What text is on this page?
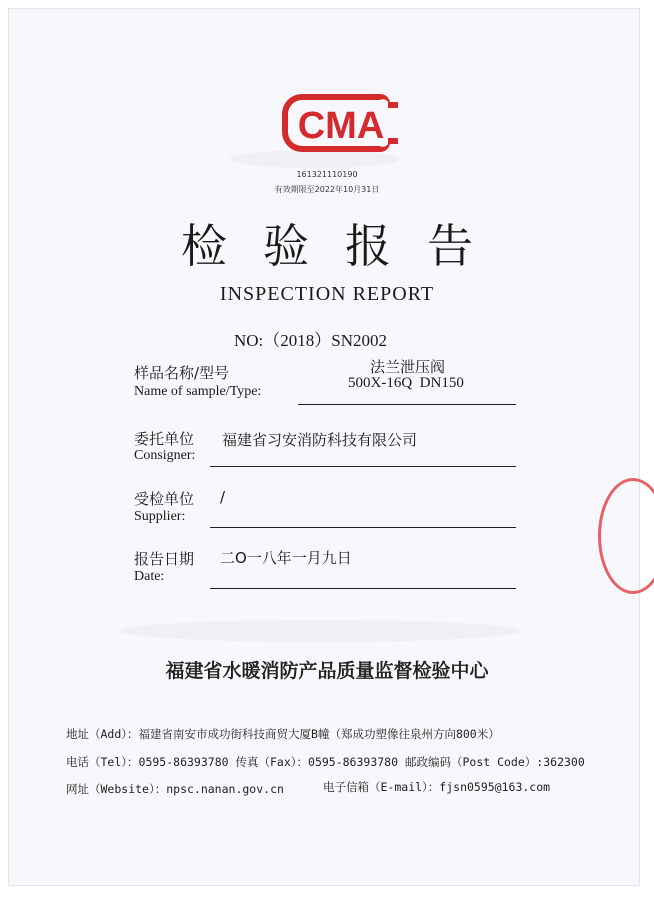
CMA
161321110190
有效期限至2022年10月31日
检验报告
INSPECTION REPORT
NO:（2018）SN2002
样品名称/型号
Name of sample/Type:
法兰泄压阀
500X-16Q  DN150
委托单位
Consigner:
福建省习安消防科技有限公司
受检单位
Supplier:
/
报告日期
Date:
二O一八年一月九日
福建省水暖消防产品质量监督检验中心
地址（Add）：福建省南安市成功街科技商贸大厦B幢（郑成功塑像往泉州方向800米）
电话（Tel）：0595-86393780 传真（Fax）：0595-86393780 邮政编码（Post Code）:362300
网址（Website）：npsc.nanan.gov.cn	电子信箱（E-mail）：fjsn0595@163.com
